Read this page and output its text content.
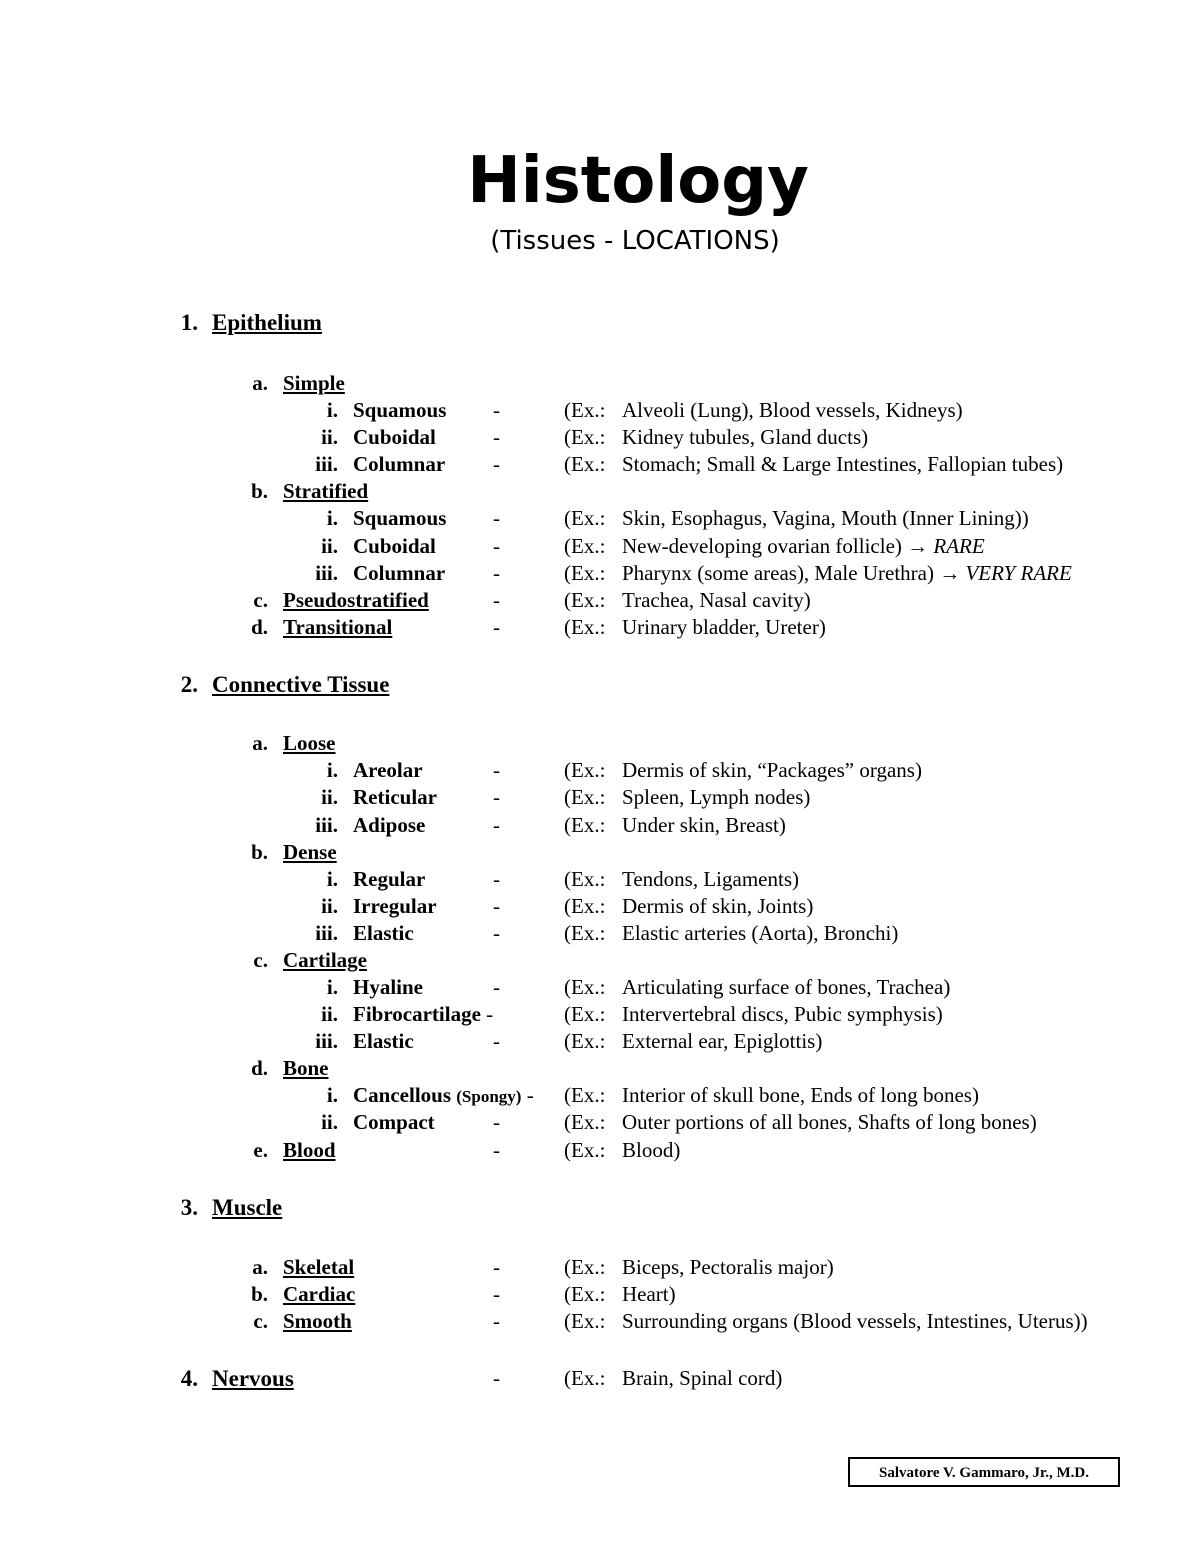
Histology
(Tissues - LOCATIONS)
1. Epithelium
a. Simple
i. Squamous -	(Ex.: Alveoli (Lung), Blood vessels, Kidneys)
ii. Cuboidal	-	(Ex.: Kidney tubules, Gland ducts)
iii. Columnar -	(Ex.: Stomach; Small & Large Intestines, Fallopian tubes)
b. Stratified
i. Squamous -	(Ex.: Skin, Esophagus, Vagina, Mouth (Inner Lining))
ii. Cuboidal	-	(Ex.: New-developing ovarian follicle) → RARE
iii. Columnar -	(Ex.: Pharynx (some areas), Male Urethra) → VERY RARE
c. Pseudostratified	-	(Ex.: Trachea, Nasal cavity)
d. Transitional	-	(Ex.: Urinary bladder, Ureter)
2. Connective Tissue
a. Loose
i. Areolar	-	(Ex.: Dermis of skin, “Packages” organs)
ii. Reticular	-	(Ex.: Spleen, Lymph nodes)
iii. Adipose	-	(Ex.: Under skin, Breast)
b. Dense
i. Regular	-	(Ex.: Tendons, Ligaments)
ii. Irregular	-	(Ex.: Dermis of skin, Joints)
iii. Elastic	-	(Ex.: Elastic arteries (Aorta), Bronchi)
c. Cartilage
i. Hyaline	-	(Ex.: Articulating surface of bones, Trachea)
ii. Fibrocartilage -	(Ex.: Intervertebral discs, Pubic symphysis)
iii. Elastic	-	(Ex.: External ear, Epiglottis)
d. Bone
i. Cancellous (Spongy) - (Ex.: Interior of skull bone, Ends of long bones)
ii. Compact	-	(Ex.: Outer portions of all bones, Shafts of long bones)
e. Blood	-	(Ex.: Blood)
3. Muscle
a. Skeletal	-	(Ex.: Biceps, Pectoralis major)
b. Cardiac	-	(Ex.: Heart)
c. Smooth	-	(Ex.: Surrounding organs (Blood vessels, Intestines, Uterus))
4. Nervous	-	(Ex.: Brain, Spinal cord)
Salvatore V. Gammaro, Jr., M.D.
